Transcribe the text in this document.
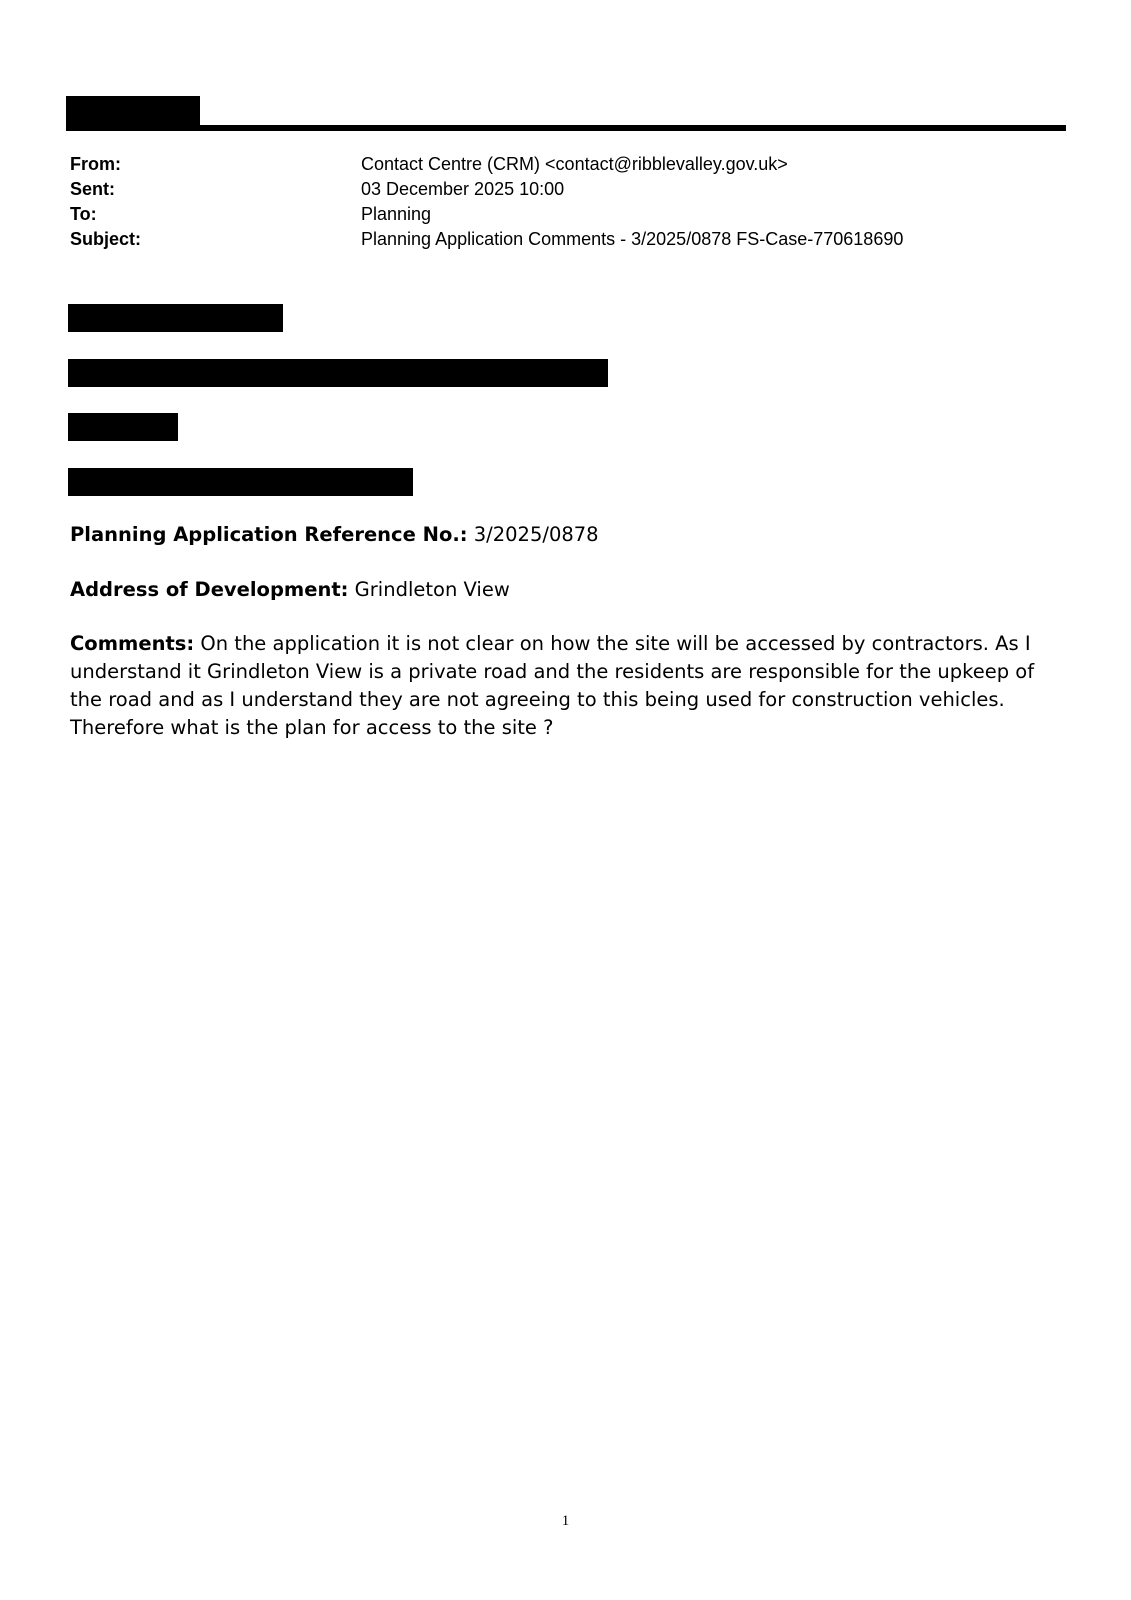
From:	Contact Centre (CRM) <contact@ribblevalley.gov.uk>
Sent:	03 December 2025 10:00
To:	Planning
Subject:	Planning Application Comments - 3/2025/0878 FS-Case-770618690
Planning Application Reference No.: 3/2025/0878
Address of Development: Grindleton View
Comments: On the application it is not clear on how the site will be accessed by contractors. As I understand it Grindleton View is a private road and the residents are responsible for the upkeep of the road and as I understand they are not agreeing to this being used for construction vehicles. Therefore what is the plan for access to the site ?
1
